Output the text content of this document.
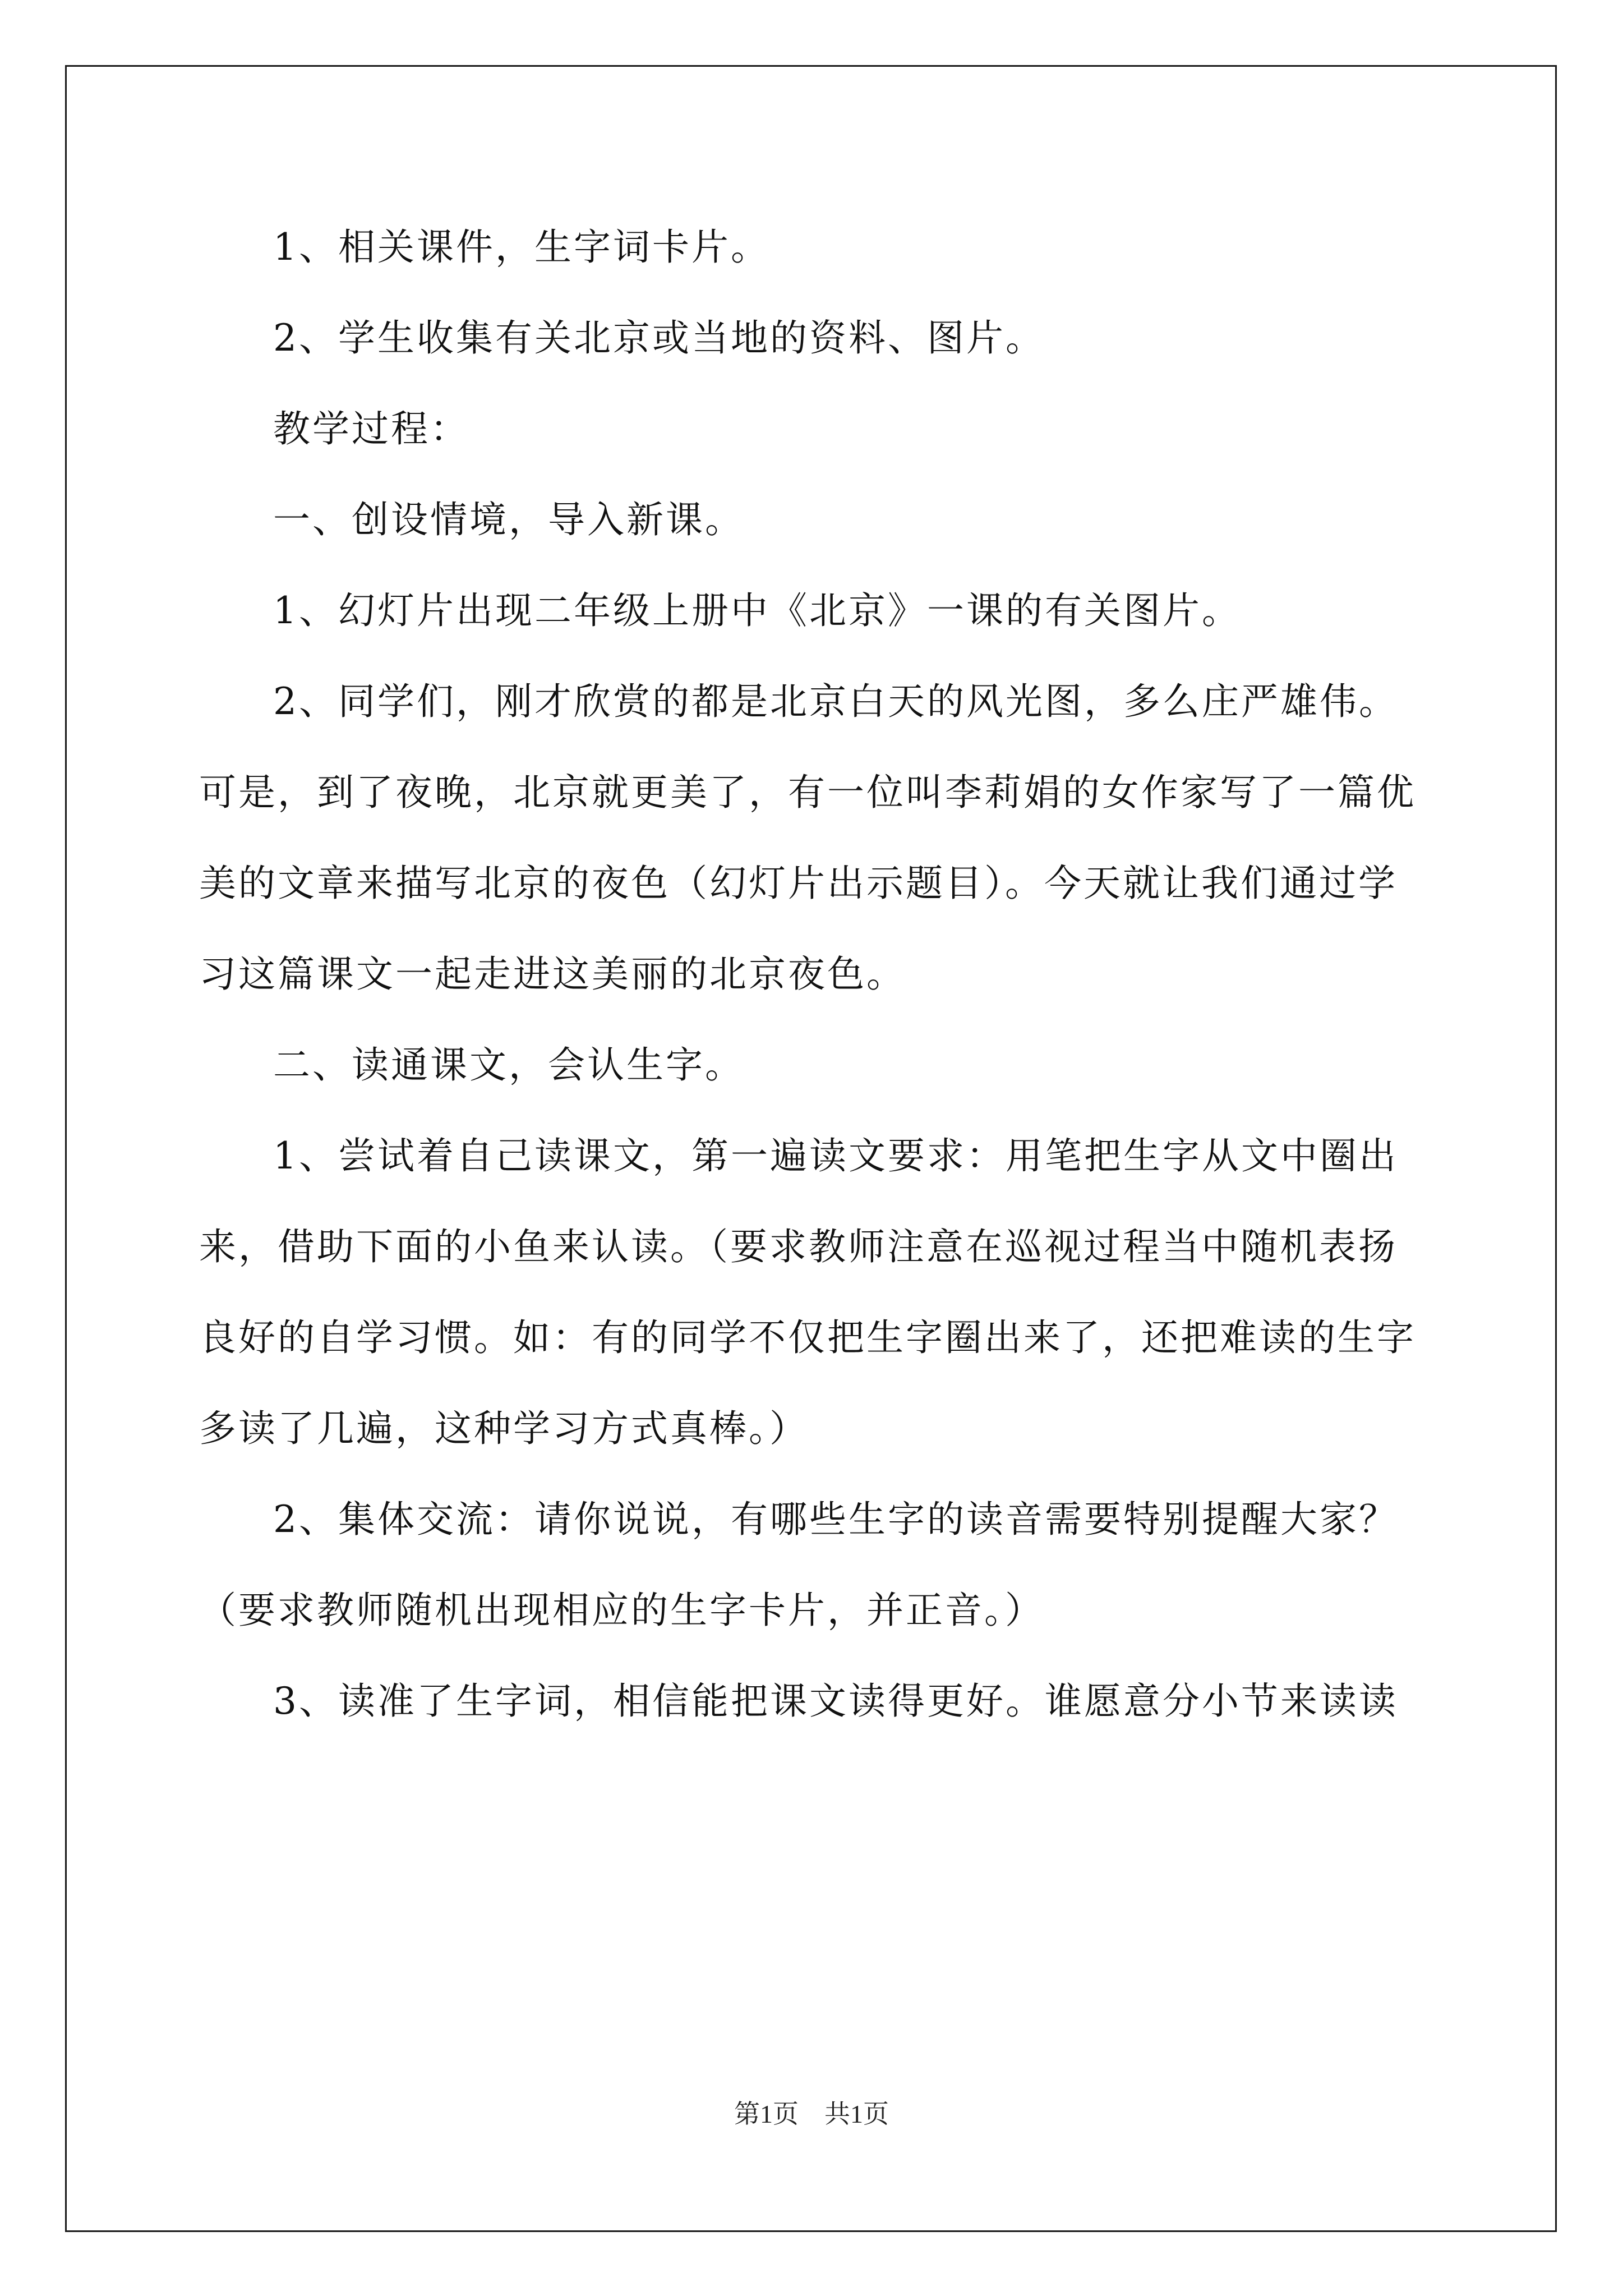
1、相关课件，生字词卡片。

2、学生收集有关北京或当地的资料、图片。

教学过程：

一、创设情境，导入新课。

1、幻灯片出现二年级上册中《北京》一课的有关图片。

2、同学们，刚才欣赏的都是北京白天的风光图，多么庄严雄伟。可是，到了夜晚，北京就更美了，有一位叫李莉娟的女作家写了一篇优美的文章来描写北京的夜色（幻灯片出示题目）。今天就让我们通过学习这篇课文一起走进这美丽的北京夜色。

二、读通课文，会认生字。

1、尝试着自己读课文，第一遍读文要求：用笔把生字从文中圈出来，借助下面的小鱼来认读。（要求教师注意在巡视过程当中随机表扬良好的自学习惯。如：有的同学不仅把生字圈出来了，还把难读的生字多读了几遍，这种学习方式真棒。）

2、集体交流：请你说说，有哪些生字的读音需要特别提醒大家？（要求教师随机出现相应的生字卡片，并正音。）

3、读准了生字词，相信能把课文读得更好。谁愿意分小节来读读

第1页　共1页
